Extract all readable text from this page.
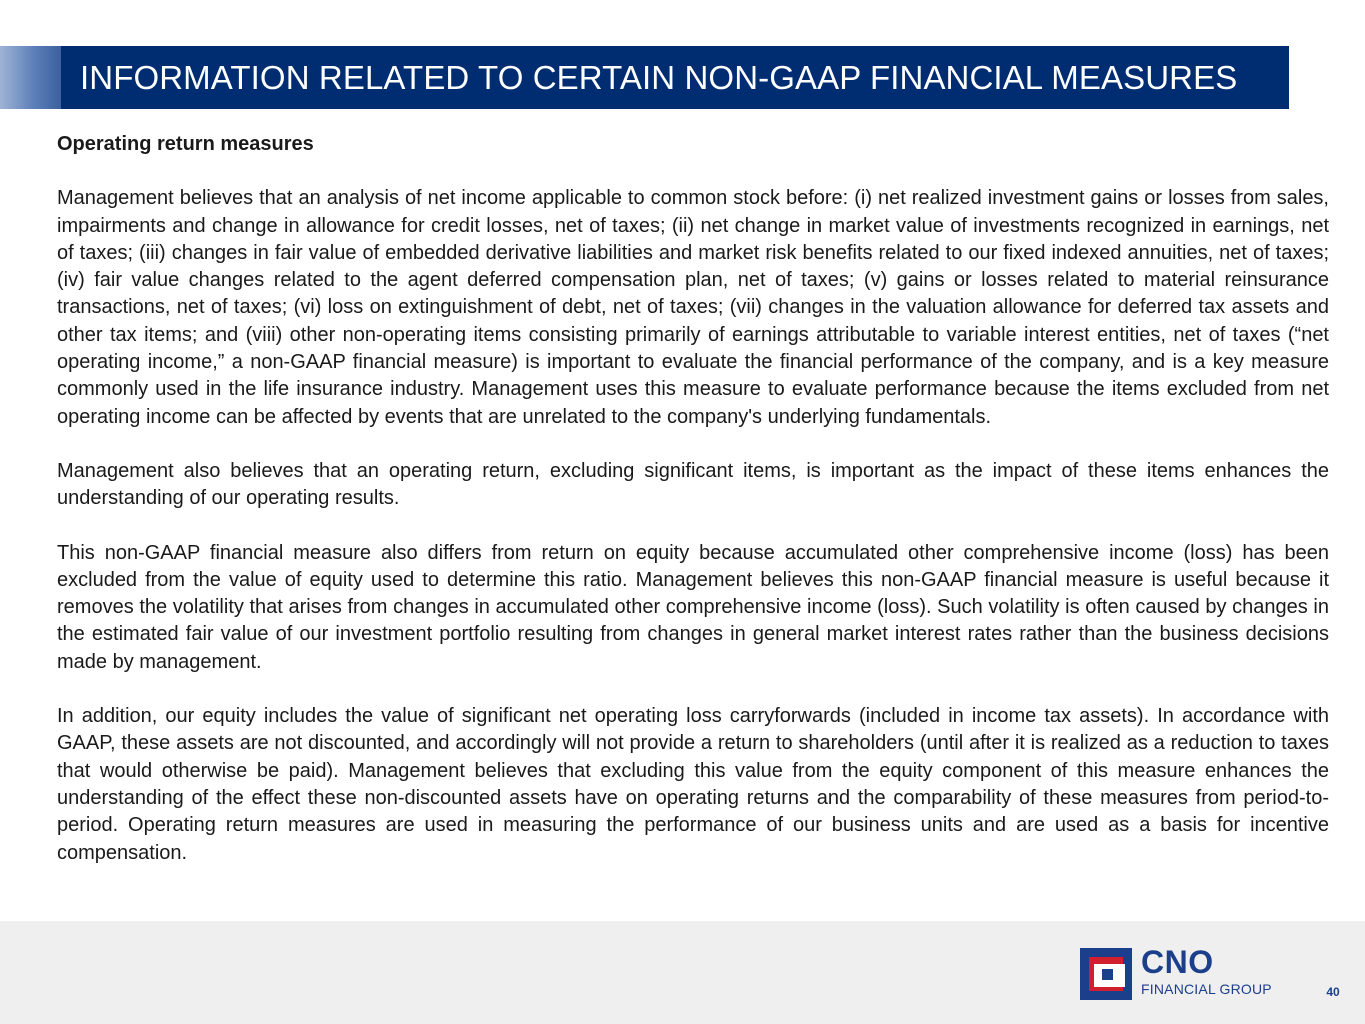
INFORMATION RELATED TO CERTAIN NON-GAAP FINANCIAL MEASURES

Operating return measures

Management believes that an analysis of net income applicable to common stock before: (i) net realized investment gains or losses from sales, impairments and change in allowance for credit losses, net of taxes; (ii) net change in market value of investments recognized in earnings, net of taxes; (iii) changes in fair value of embedded derivative liabilities and market risk benefits related to our fixed indexed annuities, net of taxes; (iv) fair value changes related to the agent deferred compensation plan, net of taxes; (v) gains or losses related to material reinsurance transactions, net of taxes; (vi) loss on extinguishment of debt, net of taxes; (vii) changes in the valuation allowance for deferred tax assets and other tax items; and (viii) other non-operating items consisting primarily of earnings attributable to variable interest entities, net of taxes (“net operating income,” a non-GAAP financial measure) is important to evaluate the financial performance of the company, and is a key measure commonly used in the life insurance industry. Management uses this measure to evaluate performance because the items excluded from net operating income can be affected by events that are unrelated to the company's underlying fundamentals.

Management also believes that an operating return, excluding significant items, is important as the impact of these items enhances the understanding of our operating results.

This non-GAAP financial measure also differs from return on equity because accumulated other comprehensive income (loss) has been excluded from the value of equity used to determine this ratio. Management believes this non-GAAP financial measure is useful because it removes the volatility that arises from changes in accumulated other comprehensive income (loss). Such volatility is often caused by changes in the estimated fair value of our investment portfolio resulting from changes in general market interest rates rather than the business decisions made by management.

In addition, our equity includes the value of significant net operating loss carryforwards (included in income tax assets). In accordance with GAAP, these assets are not discounted, and accordingly will not provide a return to shareholders (until after it is realized as a reduction to taxes that would otherwise be paid). Management believes that excluding this value from the equity component of this measure enhances the understanding of the effect these non-discounted assets have on operating returns and the comparability of these measures from period-to-period. Operating return measures are used in measuring the performance of our business units and are used as a basis for incentive compensation.

CNO
FINANCIAL GROUP	40
